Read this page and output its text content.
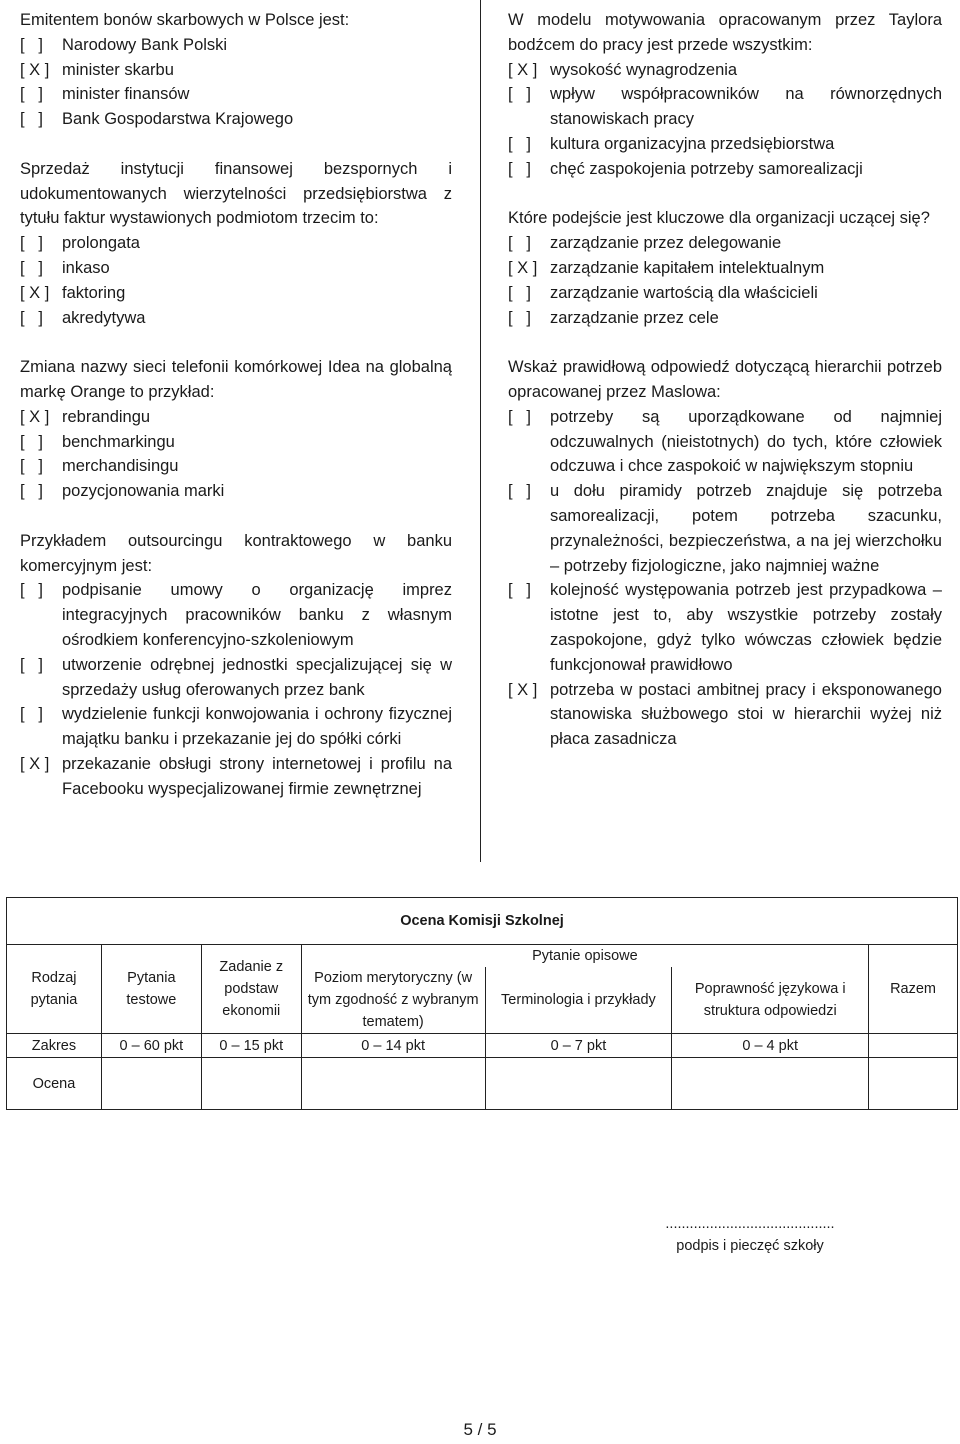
Emitentem bonów skarbowych w Polsce jest:
[   ]	Narodowy Bank Polski
[ X ] minister skarbu
[   ]	minister finansów
[   ]	Bank Gospodarstwa Krajowego
Sprzedaż instytucji finansowej bezspornych i udokumentowanych wierzytelności przedsiębiorstwa z tytułu faktur wystawionych podmiotom trzecim to:
[   ]	prolongata
[   ]	inkaso
[ X ] faktoring
[   ]	akredytywa
Zmiana nazwy sieci telefonii komórkowej Idea na globalną markę Orange to przykład:
[ X ] rebrandingu
[   ]	benchmarkingu
[   ]	merchandisingu
[   ]	pozycjonowania marki
Przykładem outsourcingu kontraktowego w banku komercyjnym jest:
[   ]	podpisanie umowy o organizację imprez integracyjnych pracowników banku z własnym ośrodkiem konferencyjno-szkoleniowym
[   ]	utworzenie odrębnej jednostki specjalizującej się w sprzedaży usług oferowanych przez bank
[   ]	wydzielenie funkcji konwojowania i ochrony fizycznej majątku banku i przekazanie jej do spółki córki
[ X ] przekazanie obsługi strony internetowej i profilu na Facebooku wyspecjalizowanej firmie zewnętrznej
W modelu motywowania opracowanym przez Taylora bodźcem do pracy jest przede wszystkim:
[ X ] wysokość wynagrodzenia
[   ]	wpływ współpracowników na równorzędnych stanowiskach pracy
[   ]	kultura organizacyjna przedsiębiorstwa
[   ]	chęć zaspokojenia potrzeby samorealizacji
Które podejście jest kluczowe dla organizacji uczącej się?
[   ]	zarządzanie przez delegowanie
[ X ] zarządzanie kapitałem intelektualnym
[   ]	zarządzanie wartością dla właścicieli
[   ]	zarządzanie przez cele
Wskaż prawidłową odpowiedź dotyczącą hierarchii potrzeb opracowanej przez Maslowa:
[   ]	potrzeby są uporządkowane od najmniej odczuwalnych (nieistotnych) do tych, które człowiek odczuwa i chce zaspokoić w największym stopniu
[   ]	u dołu piramidy potrzeb znajduje się potrzeba samorealizacji, potem potrzeba szacunku, przynależności, bezpieczeństwa, a na jej wierzchołku – potrzeby fizjologiczne, jako najmniej ważne
[   ]	kolejność występowania potrzeb jest przypadkowa – istotne jest to, aby wszystkie potrzeby zostały zaspokojone, gdyż tylko wówczas człowiek będzie funkcjonował prawidłowo
[ X ] potrzeba w postaci ambitnej pracy i eksponowanego stanowiska służbowego stoi w hierarchii wyżej niż płaca zasadnicza
Ocena Komisji Szkolnej						
Rodzaj pytania	Pytania testowe	Zadanie z podstaw ekonomii	Pytanie opisowe			Razem
			Poziom merytoryczny (w tym zgodność z wybranym tematem)	Terminologia i przykłady	Poprawność językowa i struktura odpowiedzi	
Zakres	0 – 60 pkt	0 – 15 pkt	0 – 14 pkt	0 – 7 pkt	0 – 4 pkt	
Ocena						
..........................................
podpis i pieczęć szkoły
5 / 5
